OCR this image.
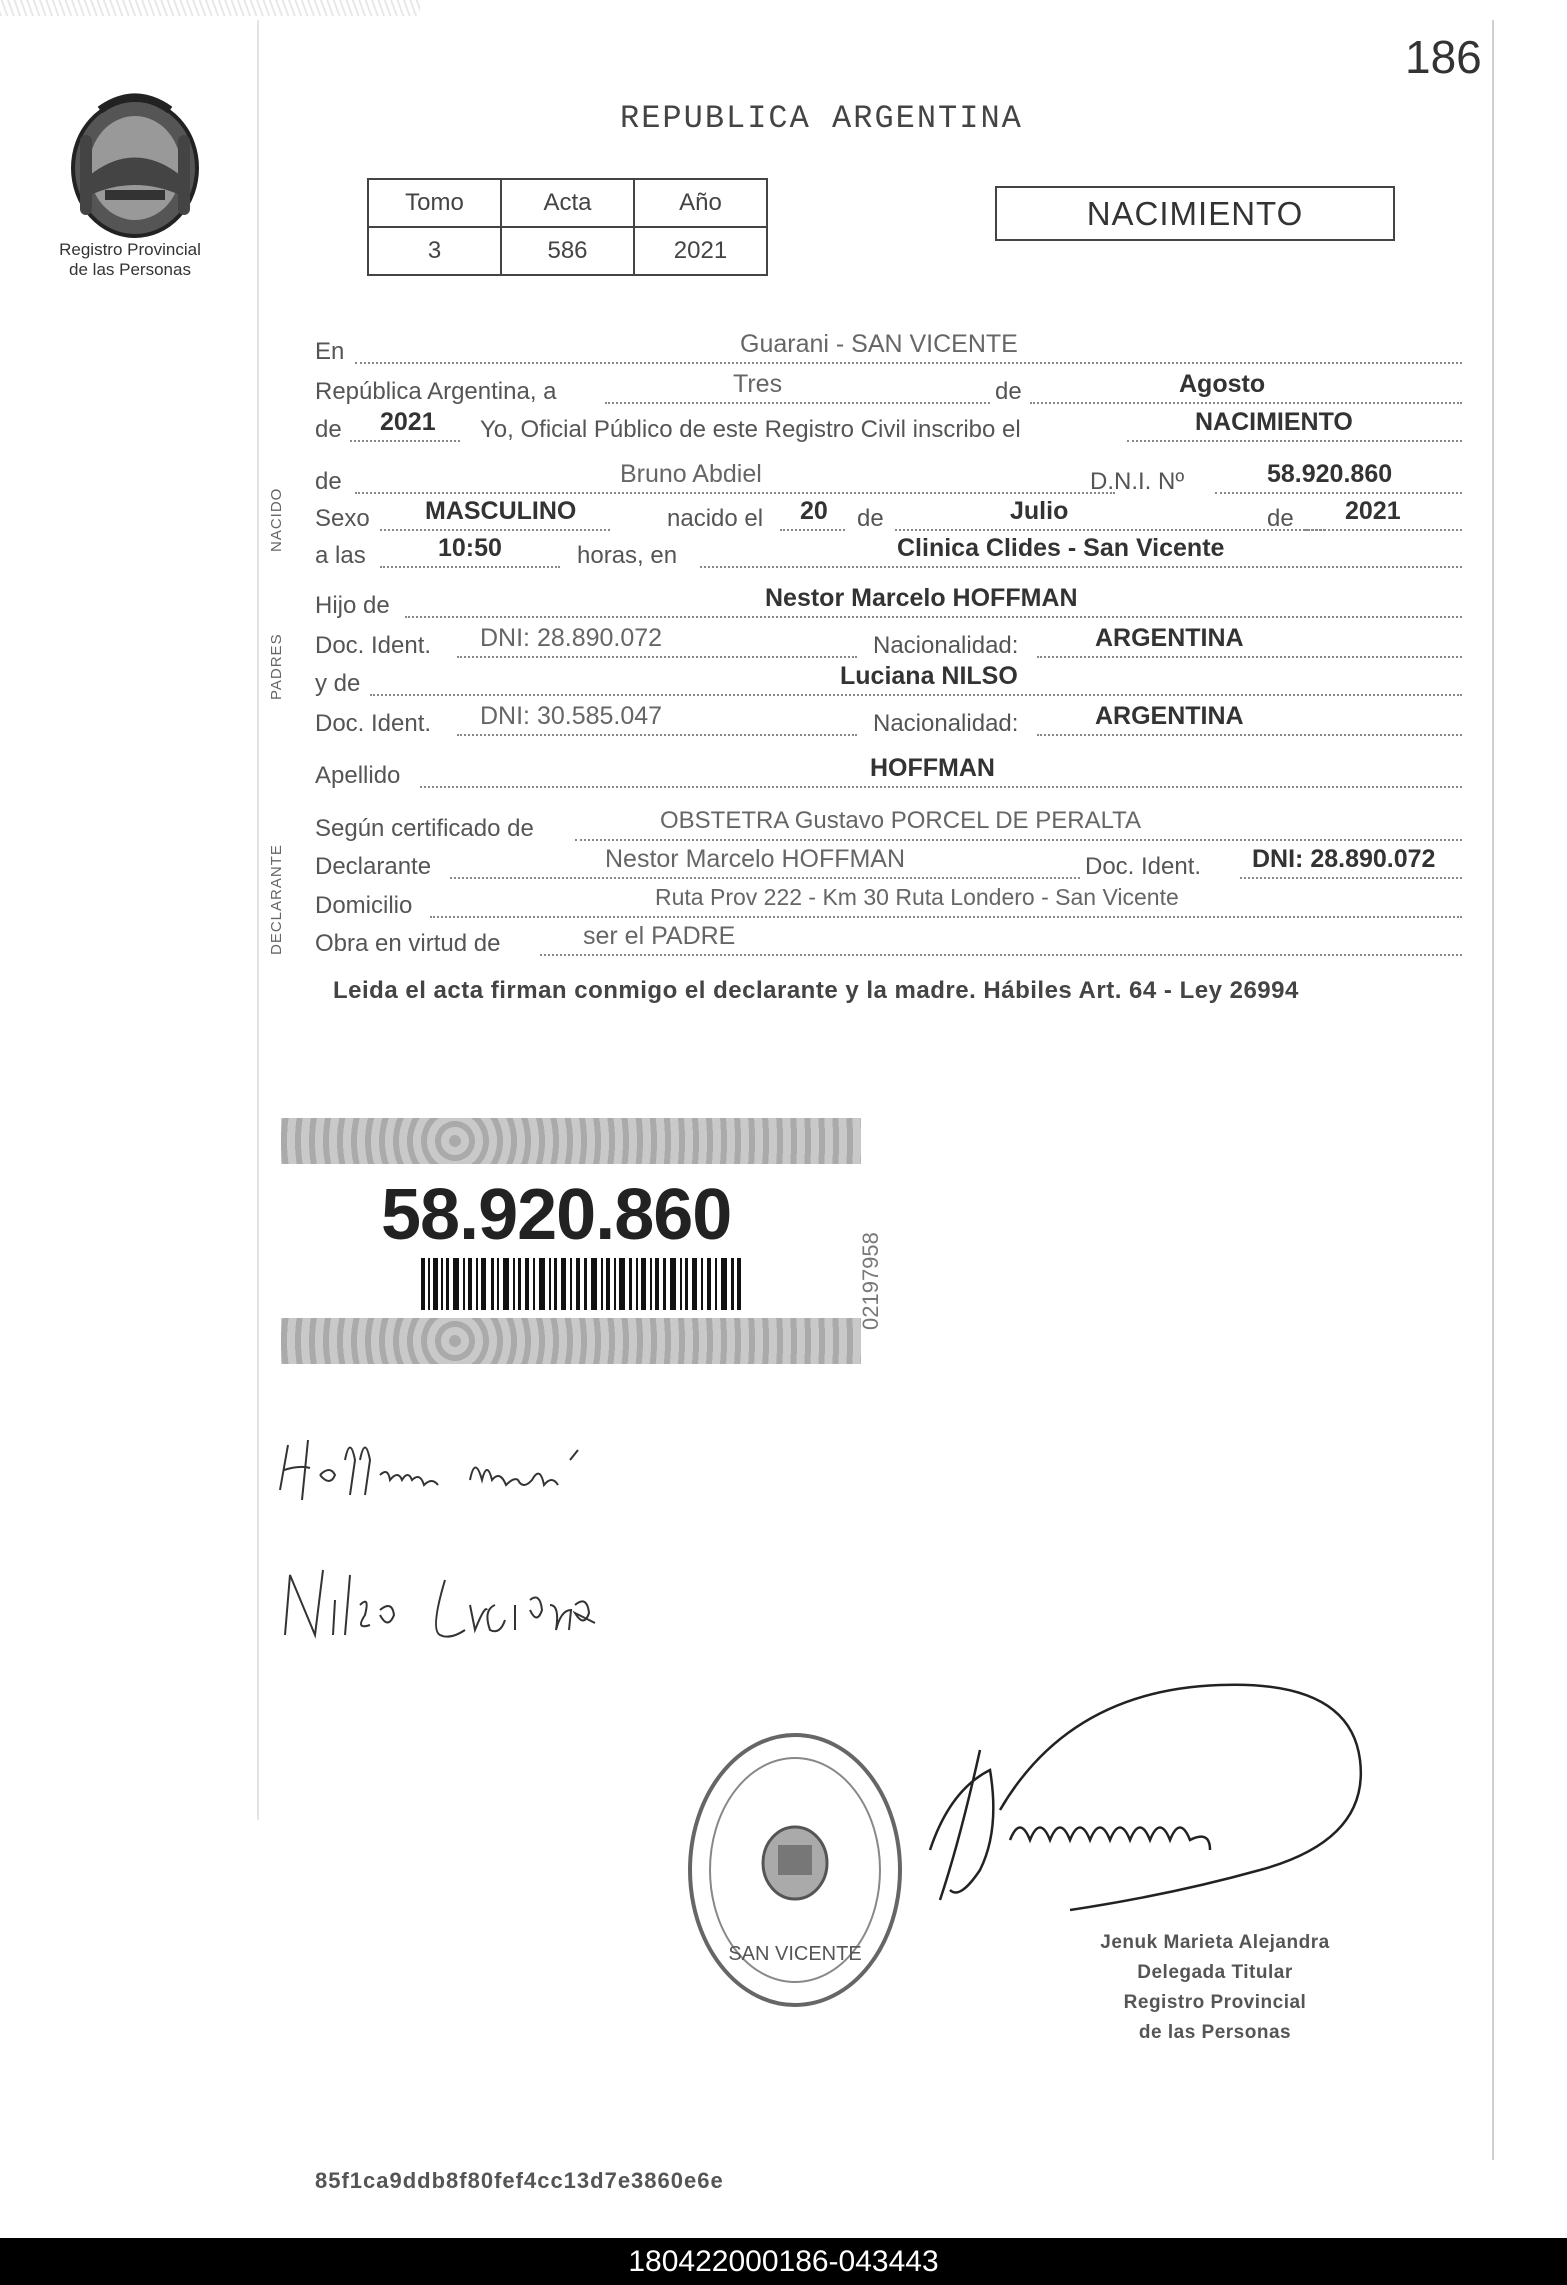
186
Registro Provincial
de las Personas
REPUBLICA ARGENTINA
Tomo	Acta	Año
3	586	2021
NACIMIENTO
NACIDO
PADRES
DECLARANTE
En	Guarani - SAN VICENTE
República Argentina, a	Tres	de	Agosto
de 2021 Yo, Oficial Público de este Registro Civil inscribo el	NACIMIENTO
de	Bruno Abdiel	D.N.I. Nº	58.920.860
Sexo MASCULINO	nacido el 20 de	Julio	de 2021
a las	10:50	horas, en	Clinica Clides - San Vicente
Hijo de	Nestor Marcelo HOFFMAN
Doc. Ident. DNI: 28.890.072	Nacionalidad:	ARGENTINA
y de	Luciana NILSO
Doc. Ident. DNI: 30.585.047	Nacionalidad:	ARGENTINA
Apellido	HOFFMAN
Según certificado de	OBSTETRA Gustavo PORCEL DE PERALTA
Declarante	Nestor Marcelo HOFFMAN	Doc. Ident. DNI: 28.890.072
Domicilio	Ruta Prov 222 - Km 30 Ruta Londero - San Vicente
Obra en virtud de	ser el PADRE
Leida el acta firman conmigo el declarante y la madre. Hábiles Art. 64 - Ley 26994
58.920.860
02197958
SAN VICENTE
Jenuk Marieta Alejandra
Delegada Titular
Registro Provincial
de las Personas
85f1ca9ddb8f80fef4cc13d7e3860e6e
180422000186-043443
